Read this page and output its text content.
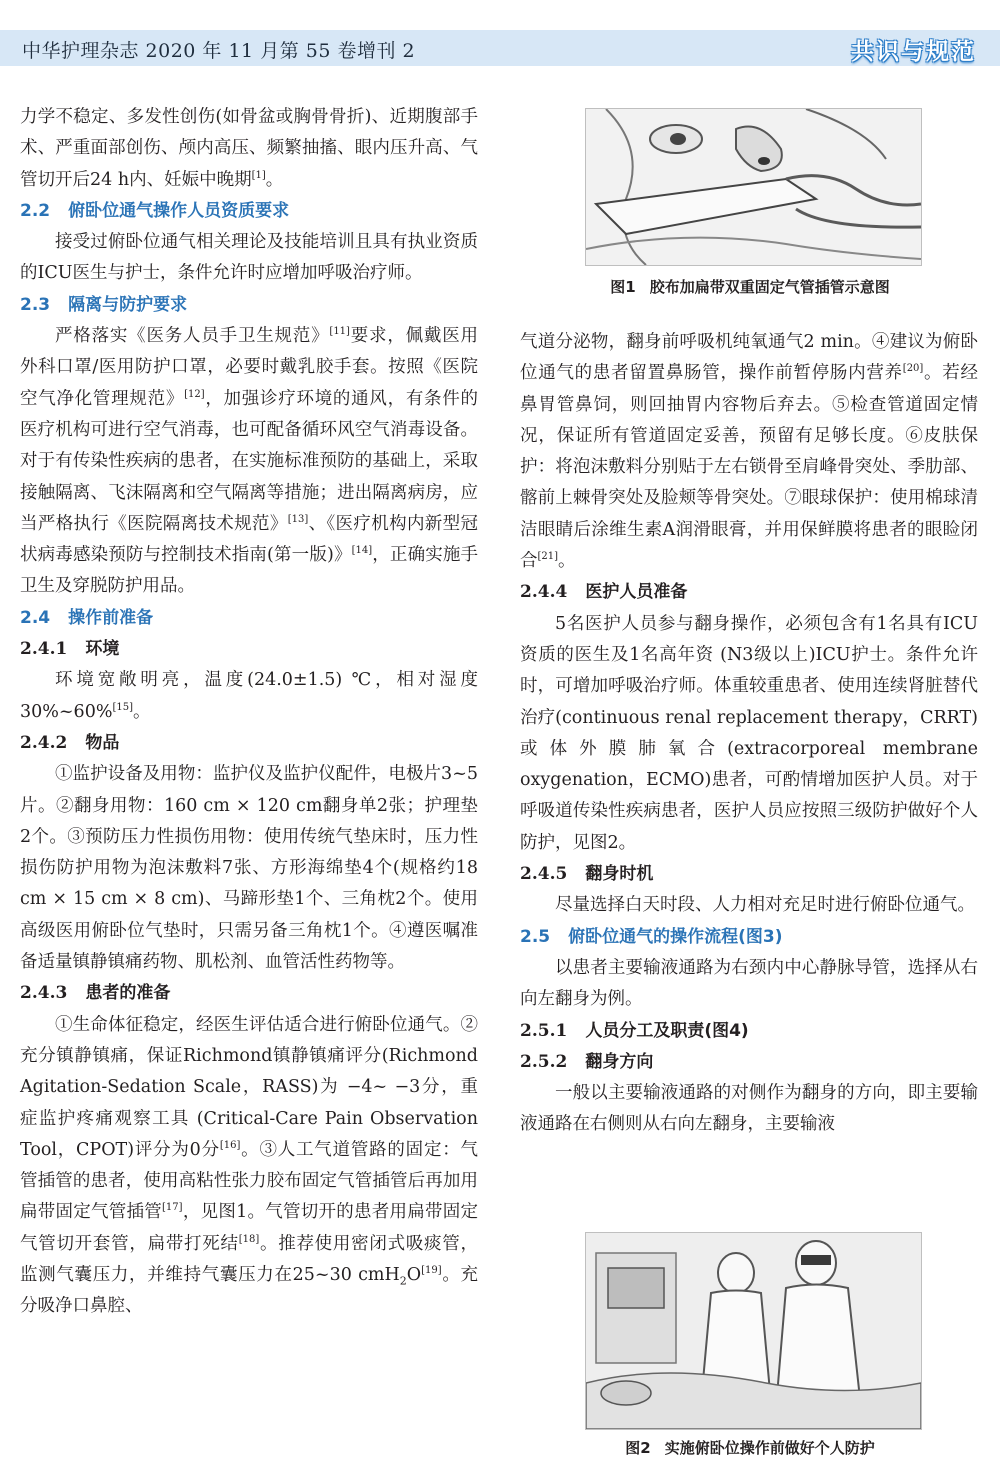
中华护理杂志 2020 年 11 月第 55 卷增刊 2	共识与规范

力学不稳定、多发性创伤(如骨盆或胸骨骨折)、近期腹部手术、严重面部创伤、颅内高压、频繁抽搐、眼内压升高、气管切开后24 h内、妊娠中晚期[1]。

2.2 俯卧位通气操作人员资质要求

接受过俯卧位通气相关理论及技能培训且具有执业资质的ICU医生与护士，条件允许时应增加呼吸治疗师。

2.3 隔离与防护要求

严格落实《医务人员手卫生规范》[11]要求，佩戴医用外科口罩/医用防护口罩，必要时戴乳胶手套。按照《医院空气净化管理规范》[12]，加强诊疗环境的通风，有条件的医疗机构可进行空气消毒，也可配备循环风空气消毒设备。对于有传染性疾病的患者，在实施标准预防的基础上，采取接触隔离、飞沫隔离和空气隔离等措施；进出隔离病房，应当严格执行《医院隔离技术规范》[13]、《医疗机构内新型冠状病毒感染预防与控制技术指南(第一版)》[14]，正确实施手卫生及穿脱防护用品。

2.4 操作前准备

2.4.1 环境

环境宽敞明亮，温度(24.0±1.5) ℃，相对湿度30%~60%[15]。

2.4.2 物品

①监护设备及用物：监护仪及监护仪配件，电极片3~5片。②翻身用物：160 cm × 120 cm翻身单2张；护理垫2个。③预防压力性损伤用物：使用传统气垫床时，压力性损伤防护用物为泡沫敷料7张、方形海绵垫4个(规格约18 cm × 15 cm × 8 cm)、马蹄形垫1个、三角枕2个。使用高级医用俯卧位气垫时，只需另备三角枕1个。④遵医嘱准备适量镇静镇痛药物、肌松剂、血管活性药物等。

2.4.3 患者的准备

①生命体征稳定，经医生评估适合进行俯卧位通气。②充分镇静镇痛，保证Richmond镇静镇痛评分(Richmond Agitation-Sedation Scale，RASS)为 −4~ −3分，重症监护疼痛观察工具 (Critical-Care Pain Observation Tool，CPOT)评分为0分[16]。③人工气道管路的固定：气管插管的患者，使用高粘性张力胶布固定气管插管后再加用扁带固定气管插管[17]，见图1。气管切开的患者用扁带固定气管切开套管，扁带打死结[18]。推荐使用密闭式吸痰管，监测气囊压力，并维持气囊压力在25~30 cmH$_2$O[19]。充分吸净口鼻腔、

图1 胶布加扁带双重固定气管插管示意图

气道分泌物，翻身前呼吸机纯氧通气2 min。④建议为俯卧位通气的患者留置鼻肠管，操作前暂停肠内营养[20]。若经鼻胃管鼻饲，则回抽胃内容物后弃去。⑤检查管道固定情况，保证所有管道固定妥善，预留有足够长度。⑥皮肤保护：将泡沫敷料分别贴于左右锁骨至肩峰骨突处、季肋部、髂前上棘骨突处及脸颊等骨突处。⑦眼球保护：使用棉球清洁眼睛后涂维生素A润滑眼膏，并用保鲜膜将患者的眼睑闭合[21]。

2.4.4 医护人员准备

5名医护人员参与翻身操作，必须包含有1名具有ICU资质的医生及1名高年资 (N3级以上)ICU护士。条件允许时，可增加呼吸治疗师。体重较重患者、使用连续肾脏替代治疗(continuous renal replacement therapy，CRRT)或体外膜肺氧合(extracorporeal membrane oxygenation，ECMO)患者，可酌情增加医护人员。对于呼吸道传染性疾病患者，医护人员应按照三级防护做好个人防护，见图2。

2.4.5 翻身时机

尽量选择白天时段、人力相对充足时进行俯卧位通气。

2.5 俯卧位通气的操作流程(图3)

以患者主要输液通路为右颈内中心静脉导管，选择从右向左翻身为例。

2.5.1 人员分工及职责(图4)

2.5.2 翻身方向

一般以主要输液通路的对侧作为翻身的方向，即主要输液通路在右侧则从右向左翻身，主要输液

图2 实施俯卧位操作前做好个人防护
